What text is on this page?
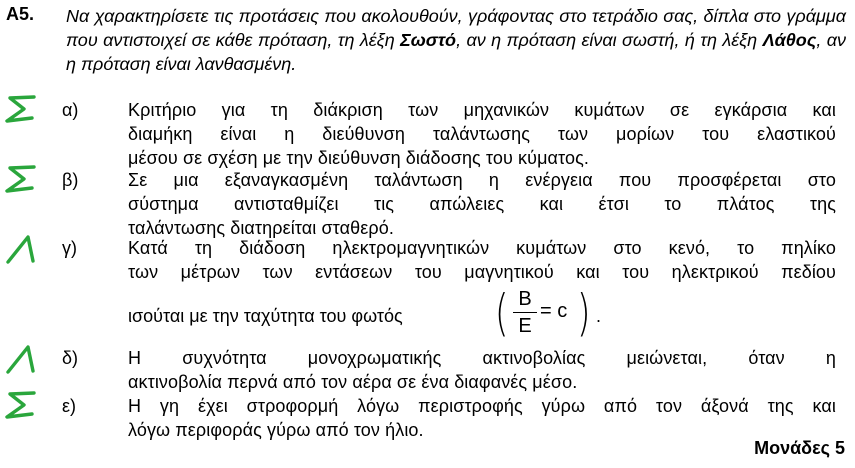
Α5. Να χαρακτηρίσετε τις προτάσεις που ακολουθούν, γράφοντας στο τετράδιο σας, δίπλα στο γράμμα που αντιστοιχεί σε κάθε πρόταση, τη λέξη Σωστό, αν η πρόταση είναι σωστή, ή τη λέξη Λάθος, αν η πρόταση είναι λανθασμένη.
α)	Κριτήριο για τη διάκριση των μηχανικών κυμάτων σε εγκάρσια και
διαμήκη είναι η διεύθυνση ταλάντωσης των μορίων του ελαστικού
μέσου σε σχέση με την διεύθυνση διάδοσης του κύματος.
β)	Σε μια εξαναγκασμένη ταλάντωση η ενέργεια που προσφέρεται στο
σύστημα αντισταθμίζει τις απώλειες και έτσι το πλάτος της
ταλάντωσης διατηρείται σταθερό.
γ)	Κατά τη διάδοση ηλεκτρομαγνητικών κυμάτων στο κενό, το πηλίκο
των μέτρων των εντάσεων του μαγνητικού και του ηλεκτρικού πεδίου
ισούται με την ταχύτητα του φωτός ( B
E
= c ) .
δ)	Η συχνότητα μονοχρωματικής ακτινοβολίας μειώνεται, όταν η
ακτινοβολία περνά από τον αέρα σε ένα διαφανές μέσο.
ε)	Η γη έχει στροφορμή λόγω περιστροφής γύρω από τον άξονά της και
λόγω περιφοράς γύρω από τον ήλιο.
Μονάδες 5
